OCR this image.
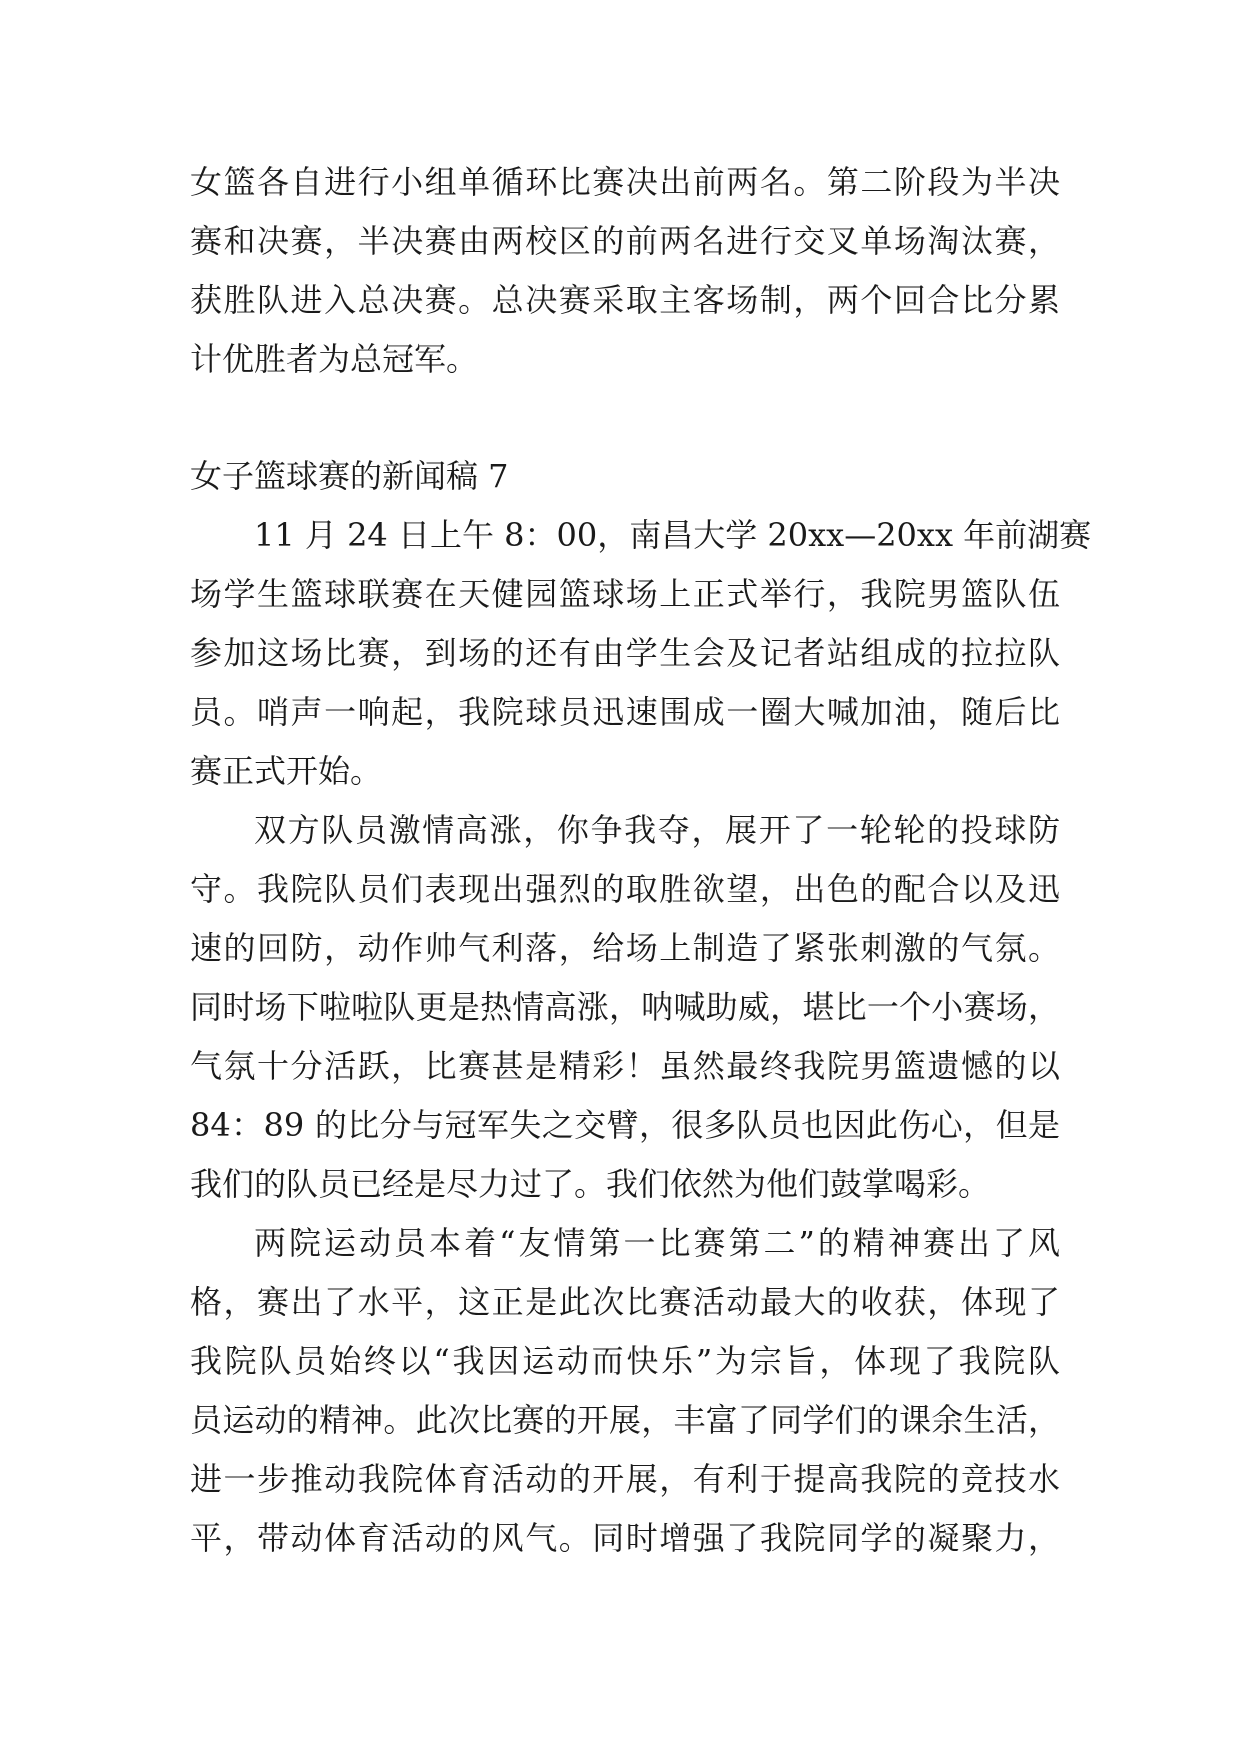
女篮各自进行小组单循环比赛决出前两名。第二阶段为半决
赛和决赛，半决赛由两校区的前两名进行交叉单场淘汰赛，
获胜队进入总决赛。总决赛采取主客场制，两个回合比分累
计优胜者为总冠军。
女子篮球赛的新闻稿 7
11 月 24 日上午 8：00，南昌大学 20xx—20xx 年前湖赛
场学生篮球联赛在天健园篮球场上正式举行，我院男篮队伍
参加这场比赛，到场的还有由学生会及记者站组成的拉拉队
员。哨声一响起，我院球员迅速围成一圈大喊加油，随后比
赛正式开始。
双方队员激情高涨，你争我夺，展开了一轮轮的投球防
守。我院队员们表现出强烈的取胜欲望，出色的配合以及迅
速的回防，动作帅气利落，给场上制造了紧张刺激的气氛。
同时场下啦啦队更是热情高涨，呐喊助威，堪比一个小赛场，
气氛十分活跃，比赛甚是精彩！虽然最终我院男篮遗憾的以
84：89 的比分与冠军失之交臂，很多队员也因此伤心，但是
我们的队员已经是尽力过了。我们依然为他们鼓掌喝彩。
两院运动员本着“友情第一比赛第二”的精神赛出了风
格，赛出了水平，这正是此次比赛活动最大的收获，体现了
我院队员始终以“我因运动而快乐”为宗旨，体现了我院队
员运动的精神。此次比赛的开展，丰富了同学们的课余生活，
进一步推动我院体育活动的开展，有利于提高我院的竞技水
平，带动体育活动的风气。同时增强了我院同学的凝聚力，
